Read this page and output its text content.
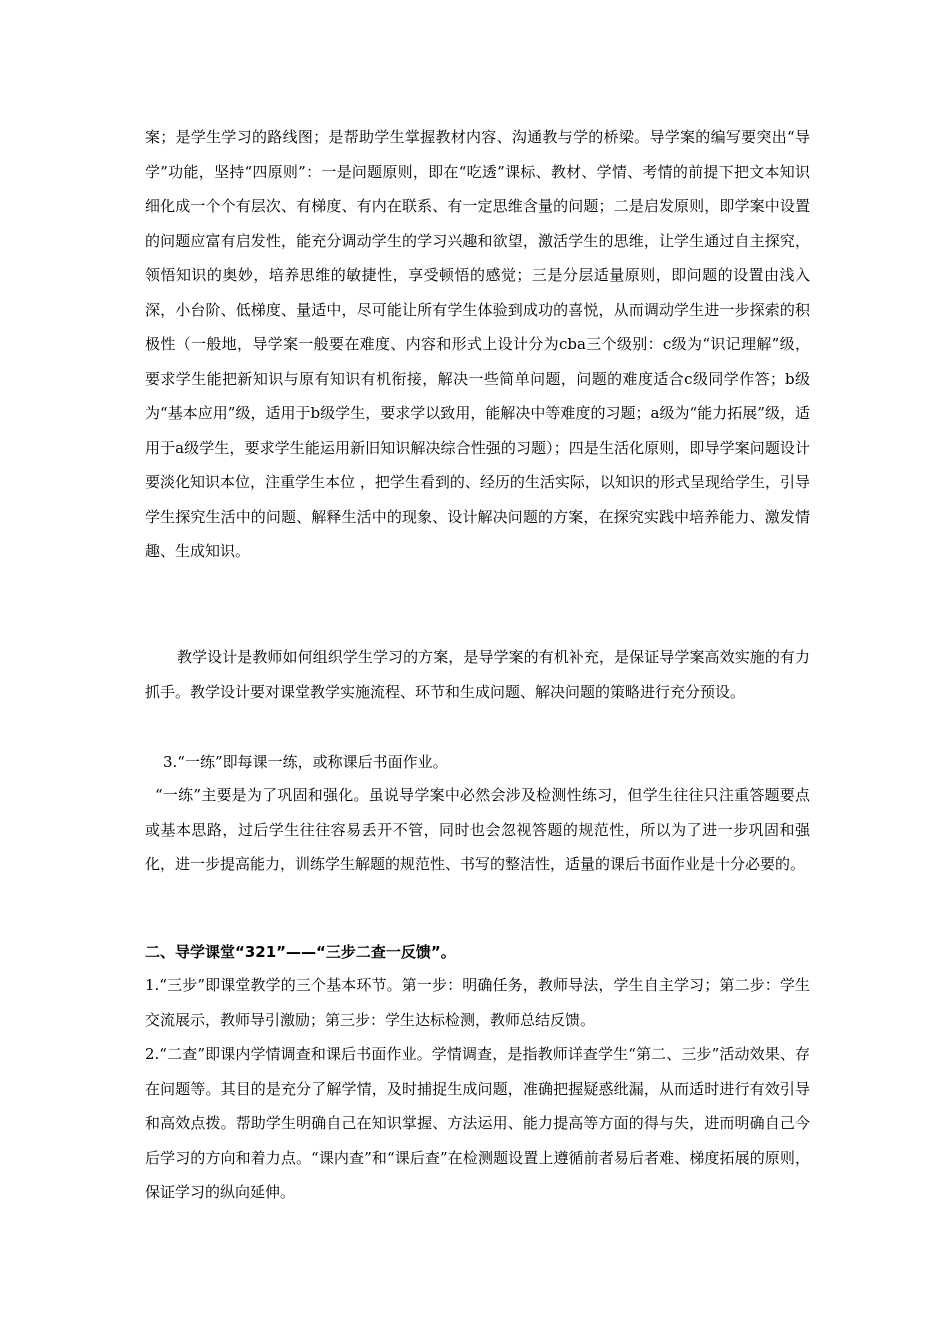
案；是学生学习的路线图；是帮助学生掌握教材内容、沟通教与学的桥梁。导学案的编写要突出“导学”功能，坚持“四原则”：一是问题原则，即在“吃透”课标、教材、学情、考情的前提下把文本知识细化成一个个有层次、有梯度、有内在联系、有一定思维含量的问题；二是启发原则，即学案中设置的问题应富有启发性，能充分调动学生的学习兴趣和欲望，激活学生的思维，让学生通过自主探究，领悟知识的奥妙，培养思维的敏捷性，享受顿悟的感觉；三是分层适量原则，即问题的设置由浅入深，小台阶、低梯度、量适中，尽可能让所有学生体验到成功的喜悦，从而调动学生进一步探索的积极性（一般地，导学案一般要在难度、内容和形式上设计分为cba三个级别：c级为“识记理解”级，要求学生能把新知识与原有知识有机衔接，解决一些简单问题，问题的难度适合c级同学作答；b级为“基本应用”级，适用于b级学生，要求学以致用，能解决中等难度的习题；a级为“能力拓展”级，适用于a级学生，要求学生能运用新旧知识解决综合性强的习题）；四是生活化原则，即导学案问题设计要淡化知识本位，注重学生本位 ，把学生看到的、经历的生活实际，以知识的形式呈现给学生，引导学生探究生活中的问题、解释生活中的现象、设计解决问题的方案，在探究实践中培养能力、激发情趣、生成知识。

教学设计是教师如何组织学生学习的方案，是导学案的有机补充，是保证导学案高效实施的有力抓手。教学设计要对课堂教学实施流程、环节和生成问题、解决问题的策略进行充分预设。

3.“一练”即每课一练，或称课后书面作业。

“一练”主要是为了巩固和强化。虽说导学案中必然会涉及检测性练习，但学生往往只注重答题要点或基本思路，过后学生往往容易丢开不管，同时也会忽视答题的规范性，所以为了进一步巩固和强化，进一步提高能力，训练学生解题的规范性、书写的整洁性，适量的课后书面作业是十分必要的。

二、导学课堂“321”——“三步二查一反馈”。

1.“三步”即课堂教学的三个基本环节。第一步：明确任务，教师导法，学生自主学习；第二步：学生交流展示，教师导引激励；第三步：学生达标检测，教师总结反馈。

2.“二查”即课内学情调查和课后书面作业。学情调查，是指教师详查学生“第二、三步”活动效果、存在问题等。其目的是充分了解学情，及时捕捉生成问题，准确把握疑惑纰漏，从而适时进行有效引导和高效点拨。帮助学生明确自己在知识掌握、方法运用、能力提高等方面的得与失，进而明确自己今后学习的方向和着力点。“课内查”和“课后查”在检测题设置上遵循前者易后者难、梯度拓展的原则，保证学习的纵向延伸。
